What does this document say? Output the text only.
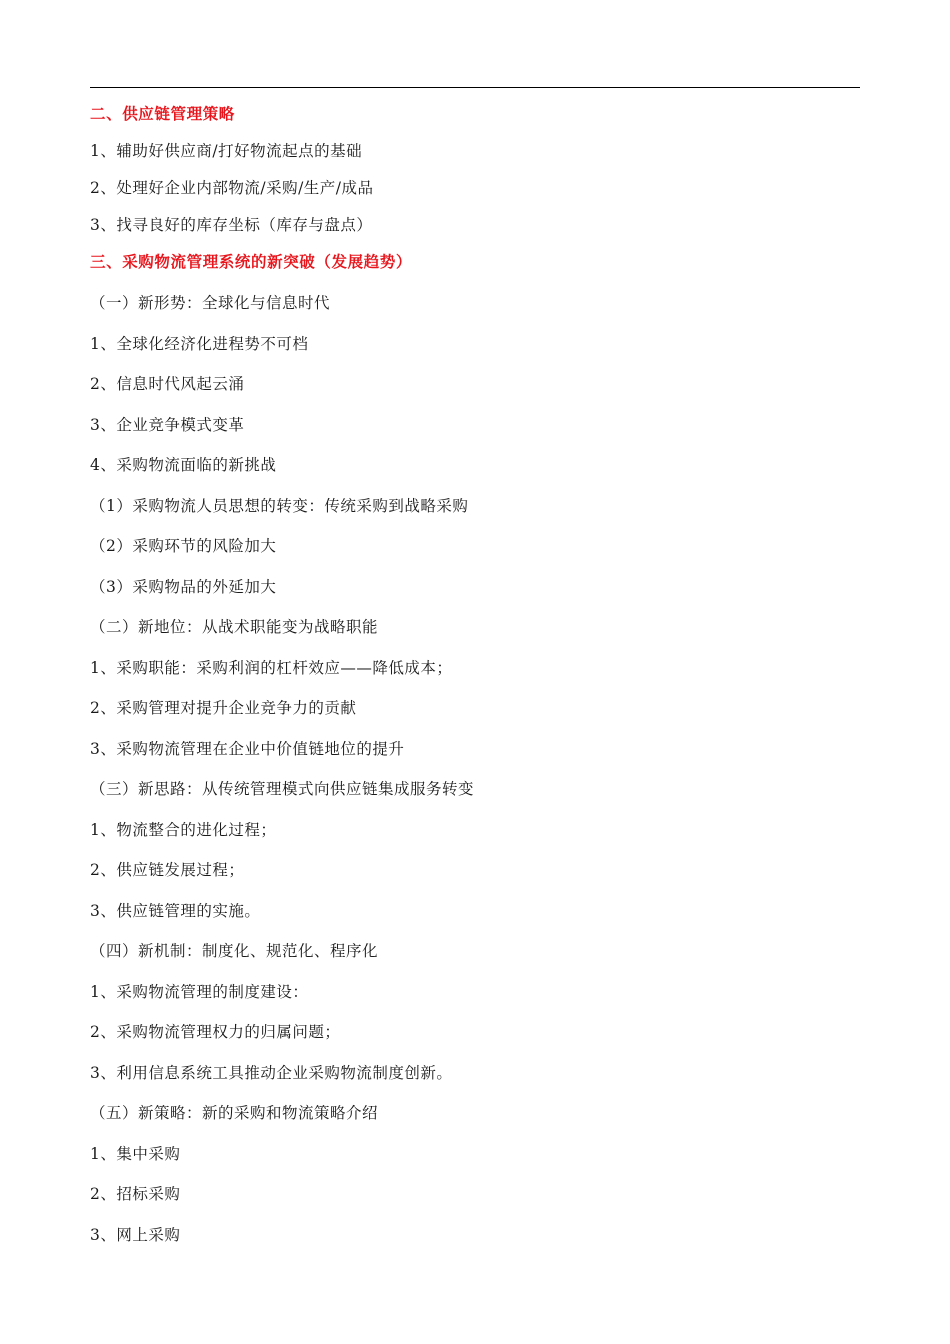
二、供应链管理策略
1、辅助好供应商/打好物流起点的基础
2、处理好企业内部物流/采购/生产/成品
3、找寻良好的库存坐标（库存与盘点）
三、采购物流管理系统的新突破（发展趋势）
（一）新形势：全球化与信息时代
1、全球化经济化进程势不可档
2、信息时代风起云涌
3、企业竞争模式变革
4、采购物流面临的新挑战
（1）采购物流人员思想的转变：传统采购到战略采购
（2）采购环节的风险加大
（3）采购物品的外延加大
（二）新地位：从战术职能变为战略职能
1、采购职能：采购利润的杠杆效应——降低成本；
2、采购管理对提升企业竞争力的贡献
3、采购物流管理在企业中价值链地位的提升
（三）新思路：从传统管理模式向供应链集成服务转变
1、物流整合的进化过程；
2、供应链发展过程；
3、供应链管理的实施。
（四）新机制：制度化、规范化、程序化
1、采购物流管理的制度建设：
2、采购物流管理权力的归属问题；
3、利用信息系统工具推动企业采购物流制度创新。
（五）新策略：新的采购和物流策略介绍
1、集中采购
2、招标采购
3、网上采购
